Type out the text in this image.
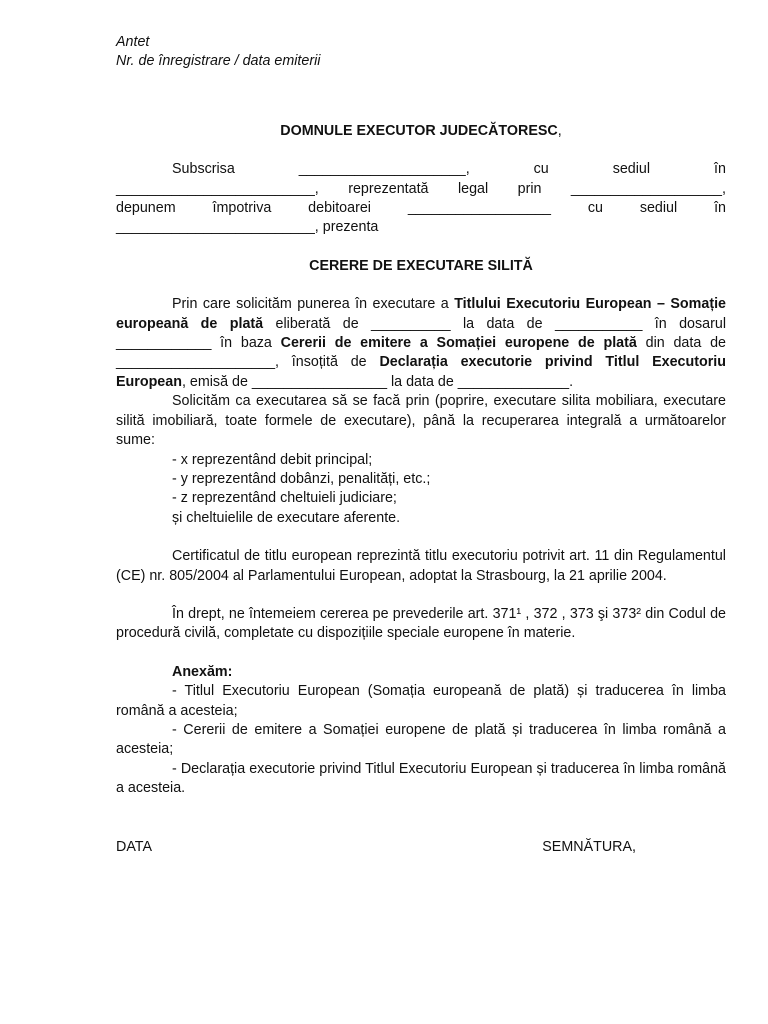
Antet

Nr. de înregistrare / data emiterii

DOMNULE EXECUTOR JUDECĂTORESC,

Subscrisa	_____________________,	cu	sediul	în
_________________________, reprezentată legal prin ___________________,
depunem	împotriva	debitoarei	__________________	cu	sediul	în
_________________________, prezenta

CERERE DE EXECUTARE SILITĂ

Prin care solicităm punerea în executare a Titlului Executoriu European – Somație europeană de plată eliberată de __________ la data de ___________ în dosarul ____________ în baza Cererii de emitere a Somației europene de plată din data de ____________________, însoțită de Declarația executorie privind Titlul Executoriu European, emisă de _________________ la data de ______________.

Solicităm ca executarea să se facă prin (poprire, executare silita mobiliara, executare silită imobiliară, toate formele de executare), până la recuperarea integrală a următoarelor sume:

- x reprezentând debit principal;

- y reprezentând dobânzi, penalități, etc.;

- z reprezentând cheltuieli judiciare;

și cheltuielile de executare aferente.

Certificatul de titlu european reprezintă titlu executoriu potrivit art. 11 din Regulamentul (CE) nr. 805/2004 al Parlamentului European, adoptat la Strasbourg, la 21 aprilie 2004.

În drept, ne întemeiem cererea pe prevederile art. 371¹ , 372 , 373 şi 373² din Codul de procedură civilă, completate cu dispozițiile speciale europene în materie.

Anexăm:

- Titlul Executoriu European (Somația europeană de plată) și traducerea în limba română a acesteia;

- Cererii de emitere a Somației europene de plată și traducerea în limba română a acesteia;

- Declarația executorie privind Titlul Executoriu European și traducerea în limba română a acesteia.

DATA	SEMNĂTURA,
